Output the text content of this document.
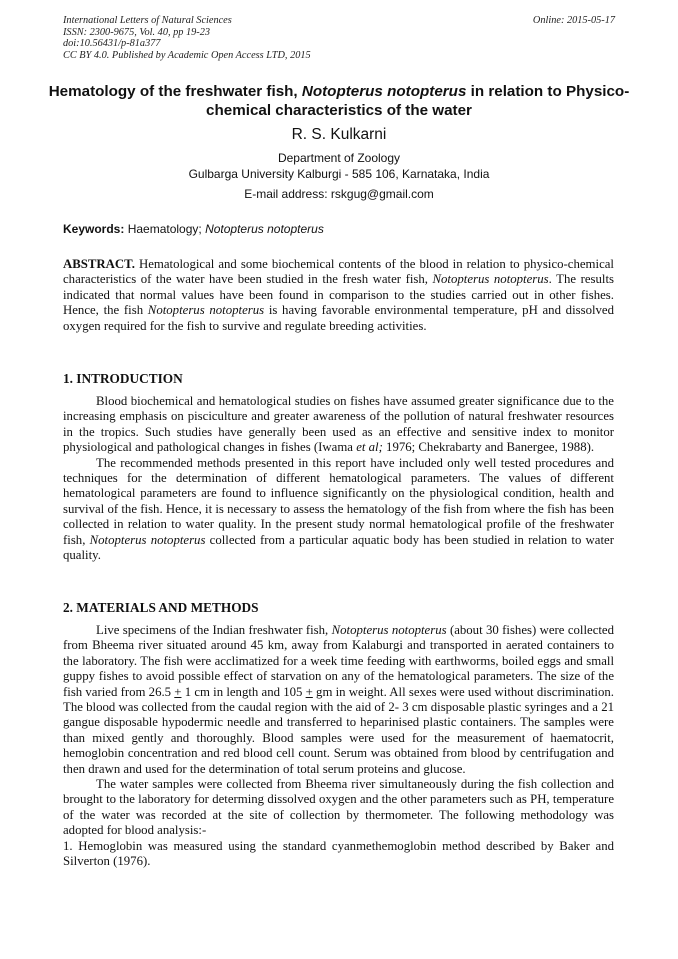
International Letters of Natural Sciences
ISSN: 2300-9675, Vol. 40, pp 19-23
doi:10.56431/p-81a377
CC BY 4.0. Published by Academic Open Access LTD, 2015
Online: 2015-05-17
Hematology of the freshwater fish, Notopterus notopterus in relation to Physico-chemical characteristics of the water
R. S. Kulkarni
Department of Zoology
Gulbarga University Kalburgi - 585 106, Karnataka, India
E-mail address: rskgug@gmail.com
Keywords: Haematology; Notopterus notopterus

ABSTRACT. Hematological and some biochemical contents of the blood in relation to physico-chemical characteristics of the water have been studied in the fresh water fish, Notopterus notopterus. The results indicated that normal values have been found in comparison to the studies carried out in other fishes. Hence, the fish Notopterus notopterus is having favorable environmental temperature, pH and dissolved oxygen required for the fish to survive and regulate breeding activities.

1. INTRODUCTION

Blood biochemical and hematological studies on fishes have assumed greater significance due to the increasing emphasis on pisciculture and greater awareness of the pollution of natural freshwater resources in the tropics. Such studies have generally been used as an effective and sensitive index to monitor physiological and pathological changes in fishes (Iwama et al; 1976; Chekrabarty and Banergee, 1988).

The recommended methods presented in this report have included only well tested procedures and techniques for the determination of different hematological parameters. The values of different hematological parameters are found to influence significantly on the physiological condition, health and survival of the fish. Hence, it is necessary to assess the hematology of the fish from where the fish has been collected in relation to water quality. In the present study normal hematological profile of the freshwater fish, Notopterus notopterus collected from a particular aquatic body has been studied in relation to water quality.

2. MATERIALS AND METHODS

Live specimens of the Indian freshwater fish, Notopterus notopterus (about 30 fishes) were collected from Bheema river situated around 45 km, away from Kalaburgi and transported in aerated containers to the laboratory. The fish were acclimatized for a week time feeding with earthworms, boiled eggs and small guppy fishes to avoid possible effect of starvation on any of the hematological parameters. The size of the fish varied from 26.5 + 1 cm in length and 105 + gm in weight. All sexes were used without discrimination. The blood was collected from the caudal region with the aid of 2- 3 cm disposable plastic syringes and a 21 gangue disposable hypodermic needle and transferred to heparinised plastic containers. The samples were than mixed gently and thoroughly. Blood samples were used for the measurement of haematocrit, hemoglobin concentration and red blood cell count. Serum was obtained from blood by centrifugation and then drawn and used for the determination of total serum proteins and glucose.

The water samples were collected from Bheema river simultaneously during the fish collection and brought to the laboratory for determing dissolved oxygen and the other parameters such as PH, temperature of the water was recorded at the site of collection by thermometer. The following methodology was adopted for blood analysis:-

1. Hemoglobin was measured using the standard cyanmethemoglobin method described by Baker and Silverton (1976).
